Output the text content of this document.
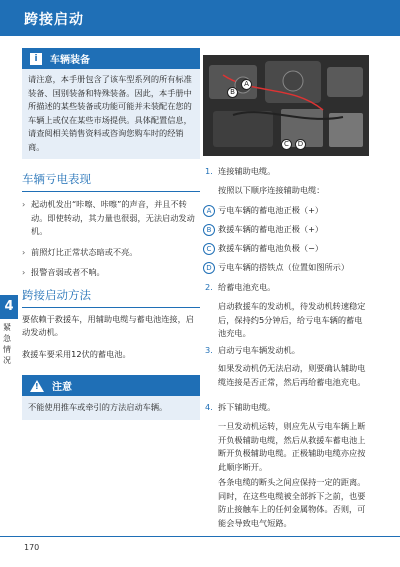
跨接启动
i	车辆装备
请注意，本手册包含了该车型系列的所有标准装备、国别装备和特殊装备。因此，本手册中所描述的某些装备或功能可能并未装配在您的车辆上或仅在某些市场提供。具体配置信息，请查阅相关销售资料或咨询您购车时的经销商。
车辆亏电表现
› 起动机发出“咔嚓、咔嚓”的声音，并且不转动。即使转动，其力量也很弱，无法启动发动机。
› 前照灯比正常状态暗或不亮。
› 报警音弱或者不响。
跨接启动方法
要依赖于救援车，用辅助电缆与蓄电池连接，启动发动机。
救援车要采用12伏的蓄电池。
! 注意
不能使用推车或牵引的方法启动车辆。
A
B
C	D
1. 连接辅助电缆。
按照以下顺序连接辅助电缆：
A 亏电车辆的蓄电池正极（+）
B 救援车辆的蓄电池正极（+）
C 救援车辆的蓄电池负极（−）
D 亏电车辆的搭铁点（位置如图所示）
2. 给蓄电池充电。
启动救援车的发动机，待发动机转速稳定后，保持约5分钟后，给亏电车辆的蓄电池充电。
3. 启动亏电车辆发动机。
如果发动机仍无法启动，则要确认辅助电缆连接是否正常，然后再给蓄电池充电。
4. 拆下辅助电缆。
一旦发动机运转，则应先从亏电车辆上断开负极辅助电缆，然后从救援车蓄电池上断开负极辅助电缆。正极辅助电缆亦应按此顺序断开。
各条电缆的断头之间应保持一定的距离。同时，在这些电缆被全部拆下之前，也要防止接触车上的任何金属物体。否则，可能会导致电气短路。
4
紧急情况
170
